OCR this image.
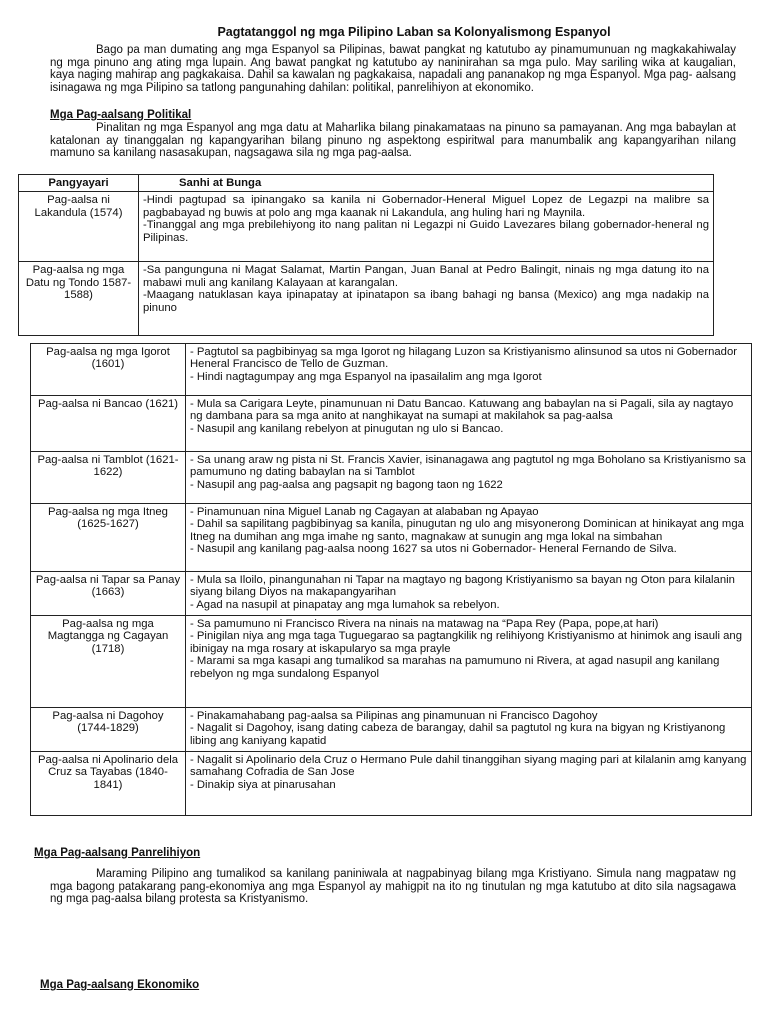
Pagtatanggol ng mga Pilipino Laban sa Kolonyalismong Espanyol

Bago pa man dumating ang mga Espanyol sa Pilipinas, bawat pangkat ng katutubo ay pinamumunuan ng magkakahiwalay ng mga pinuno ang ating mga lupain. Ang bawat pangkat ng katutubo ay naninirahan sa mga pulo. May sariling wika at kaugalian, kaya naging mahirap ang pagkakaisa. Dahil sa kawalan ng pagkakaisa, napadali ang pananakop ng mga Espanyol. Mga pag- aalsang isinagawa ng mga Pilipino sa tatlong pangunahing dahilan: politikal, panrelihiyon at ekonomiko.

Mga Pag-aalsang Politikal

Pinalitan ng mga Espanyol ang mga datu at Maharlika bilang pinakamataas na pinuno sa pamayanan. Ang mga babaylan at katalonan ay tinanggalan ng kapangyarihan bilang pinuno ng aspektong espiritwal para manumbalik ang kapangyarihan nilang mamuno sa kanilang nasasakupan, nagsagawa sila ng mga pag-aalsa.

Pangyayari	Sanhi at Bunga
Pag-aalsa ni Lakandula (1574)	-Hindi pagtupad sa ipinangako sa kanila ni Gobernador-Heneral Miguel Lopez de Legazpi na malibre sa pagbabayad ng buwis at polo ang mga kaanak ni Lakandula, ang huling hari ng Maynila.
-Tinanggal ang mga prebilehiyong ito nang palitan ni Legazpi ni Guido Lavezares bilang gobernador-heneral ng Pilipinas.

Pag-aalsa ng mga Datu ng Tondo 1587-1588)	-Sa pangunguna ni Magat Salamat, Martin Pangan, Juan Banal at Pedro Balingit, ninais ng mga datung ito na mabawi muli ang kanilang Kalayaan at karangalan.
-Maagang natuklasan kaya ipinapatay at ipinatapon sa ibang bahagi ng bansa (Mexico) ang mga nadakip na pinuno
Pag-aalsa ng mga Igorot (1601)	- Pagtutol sa pagbibinyag sa mga Igorot ng hilagang Luzon sa Kristiyanismo alinsunod sa utos ni Gobernador Heneral Francisco de Tello de Guzman.
- Hindi nagtagumpay ang mga Espanyol na ipasailalim ang mga Igorot

Pag-aalsa ni Bancao (1621)	- Mula sa Carigara Leyte, pinamunuan ni Datu Bancao. Katuwang ang babaylan na si Pagali, sila ay nagtayo ng dambana para sa mga anito at nanghikayat na sumapi at makilahok sa pag-aalsa
- Nasupil ang kanilang rebelyon at pinugutan ng ulo si Bancao.

Pag-aalsa ni Tamblot (1621-1622)	- Sa unang araw ng pista ni St. Francis Xavier, isinanagawa ang pagtutol ng mga Boholano sa Kristiyanismo sa pamumuno ng dating babaylan na si Tamblot
- Nasupil ang pag-aalsa ang pagsapit ng bagong taon ng 1622

Pag-aalsa ng mga Itneg (1625-1627)	- Pinamunuan nina Miguel Lanab ng Cagayan at alababan ng Apayao
- Dahil sa sapilitang pagbibinyag sa kanila, pinugutan ng ulo ang misyonerong Dominican at hinikayat ang mga Itneg na dumihan ang mga imahe ng santo, magnakaw at sunugin ang mga lokal na simbahan
- Nasupil ang kanilang pag-aalsa noong 1627 sa utos ni Gobernador- Heneral Fernando de Silva.

Pag-aalsa ni Tapar sa Panay (1663)	- Mula sa Iloilo, pinangunahan ni Tapar na magtayo ng bagong Kristiyanismo sa bayan ng Oton para kilalanin siyang bilang Diyos na makapangyarihan
- Agad na nasupil at pinapatay ang mga lumahok sa rebelyon.

Pag-aalsa ng mga Magtangga ng Cagayan (1718)	- Sa pamumuno ni Francisco Rivera na ninais na matawag na “Papa Rey (Papa, pope,at hari)
- Pinigilan niya ang mga taga Tuguegarao sa pagtangkilik ng relihiyong Kristiyanismo at hinimok ang isauli ang ibinigay na mga rosary at iskapularyo sa mga prayle
- Marami sa mga kasapi ang tumalikod sa marahas na pamumuno ni Rivera, at agad nasupil ang kanilang rebelyon ng mga sundalong Espanyol

Pag-aalsa ni Dagohoy (1744-1829)	- Pinakamahabang pag-aalsa sa Pilipinas ang pinamunuan ni Francisco Dagohoy
- Nagalit si Dagohoy, isang dating cabeza de barangay, dahil sa pagtutol ng kura na bigyan ng Kristiyanong libing ang kaniyang kapatid

Pag-aalsa ni Apolinario dela Cruz sa Tayabas (1840-1841)	- Nagalit si Apolinario dela Cruz o Hermano Pule dahil tinanggihan siyang maging pari at kilalanin amg kanyang samahang Cofradia de San Jose
- Dinakip siya at pinarusahan

Mga Pag-aalsang Panrelihiyon

Maraming Pilipino ang tumalikod sa kanilang paniniwala at nagpabinyag bilang mga Kristiyano. Simula nang magpataw ng mga bagong patakarang pang-ekonomiya ang mga Espanyol ay mahigpit na ito ng tinutulan ng mga katutubo at dito sila nagsagawa ng mga pag-aalsa bilang protesta sa Kristyanismo.

Mga Pag-aalsang Ekonomiko
